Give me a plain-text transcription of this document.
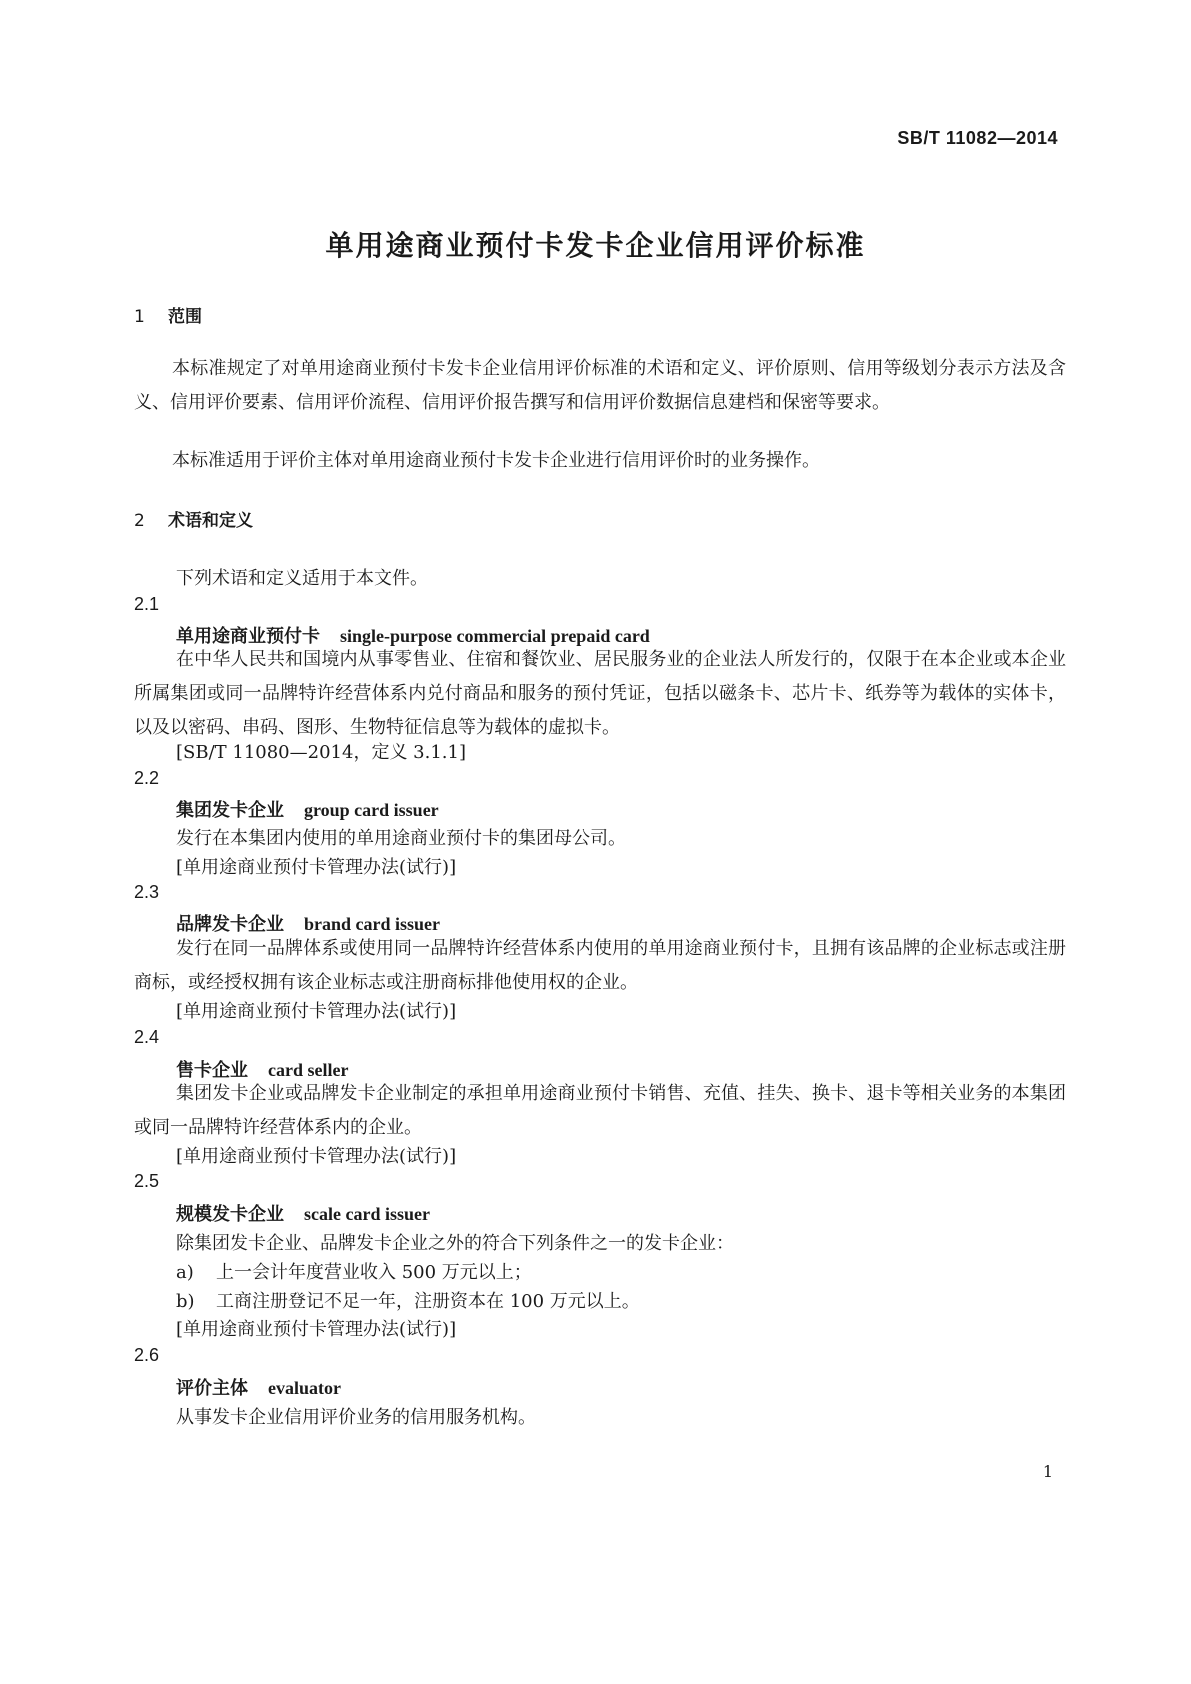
SB/T 11082—2014
单用途商业预付卡发卡企业信用评价标准
1 范围
本标准规定了对单用途商业预付卡发卡企业信用评价标准的术语和定义、评价原则、信用等级划分表示方法及含义、信用评价要素、信用评价流程、信用评价报告撰写和信用评价数据信息建档和保密等要求。
本标准适用于评价主体对单用途商业预付卡发卡企业进行信用评价时的业务操作。
2 术语和定义
下列术语和定义适用于本文件。
2.1
单用途商业预付卡 single-purpose commercial prepaid card
在中华人民共和国境内从事零售业、住宿和餐饮业、居民服务业的企业法人所发行的，仅限于在本企业或本企业所属集团或同一品牌特许经营体系内兑付商品和服务的预付凭证，包括以磁条卡、芯片卡、纸券等为载体的实体卡，以及以密码、串码、图形、生物特征信息等为载体的虚拟卡。
[SB/T 11080—2014，定义 3.1.1]
2.2
集团发卡企业 group card issuer
发行在本集团内使用的单用途商业预付卡的集团母公司。
[单用途商业预付卡管理办法(试行)]
2.3
品牌发卡企业 brand card issuer
发行在同一品牌体系或使用同一品牌特许经营体系内使用的单用途商业预付卡，且拥有该品牌的企业标志或注册商标，或经授权拥有该企业标志或注册商标排他使用权的企业。
[单用途商业预付卡管理办法(试行)]
2.4
售卡企业 card seller
集团发卡企业或品牌发卡企业制定的承担单用途商业预付卡销售、充值、挂失、换卡、退卡等相关业务的本集团或同一品牌特许经营体系内的企业。
[单用途商业预付卡管理办法(试行)]
2.5
规模发卡企业 scale card issuer
除集团发卡企业、品牌发卡企业之外的符合下列条件之一的发卡企业：
a) 上一会计年度营业收入 500 万元以上；
b) 工商注册登记不足一年，注册资本在 100 万元以上。
[单用途商业预付卡管理办法(试行)]
2.6
评价主体 evaluator
从事发卡企业信用评价业务的信用服务机构。
1
